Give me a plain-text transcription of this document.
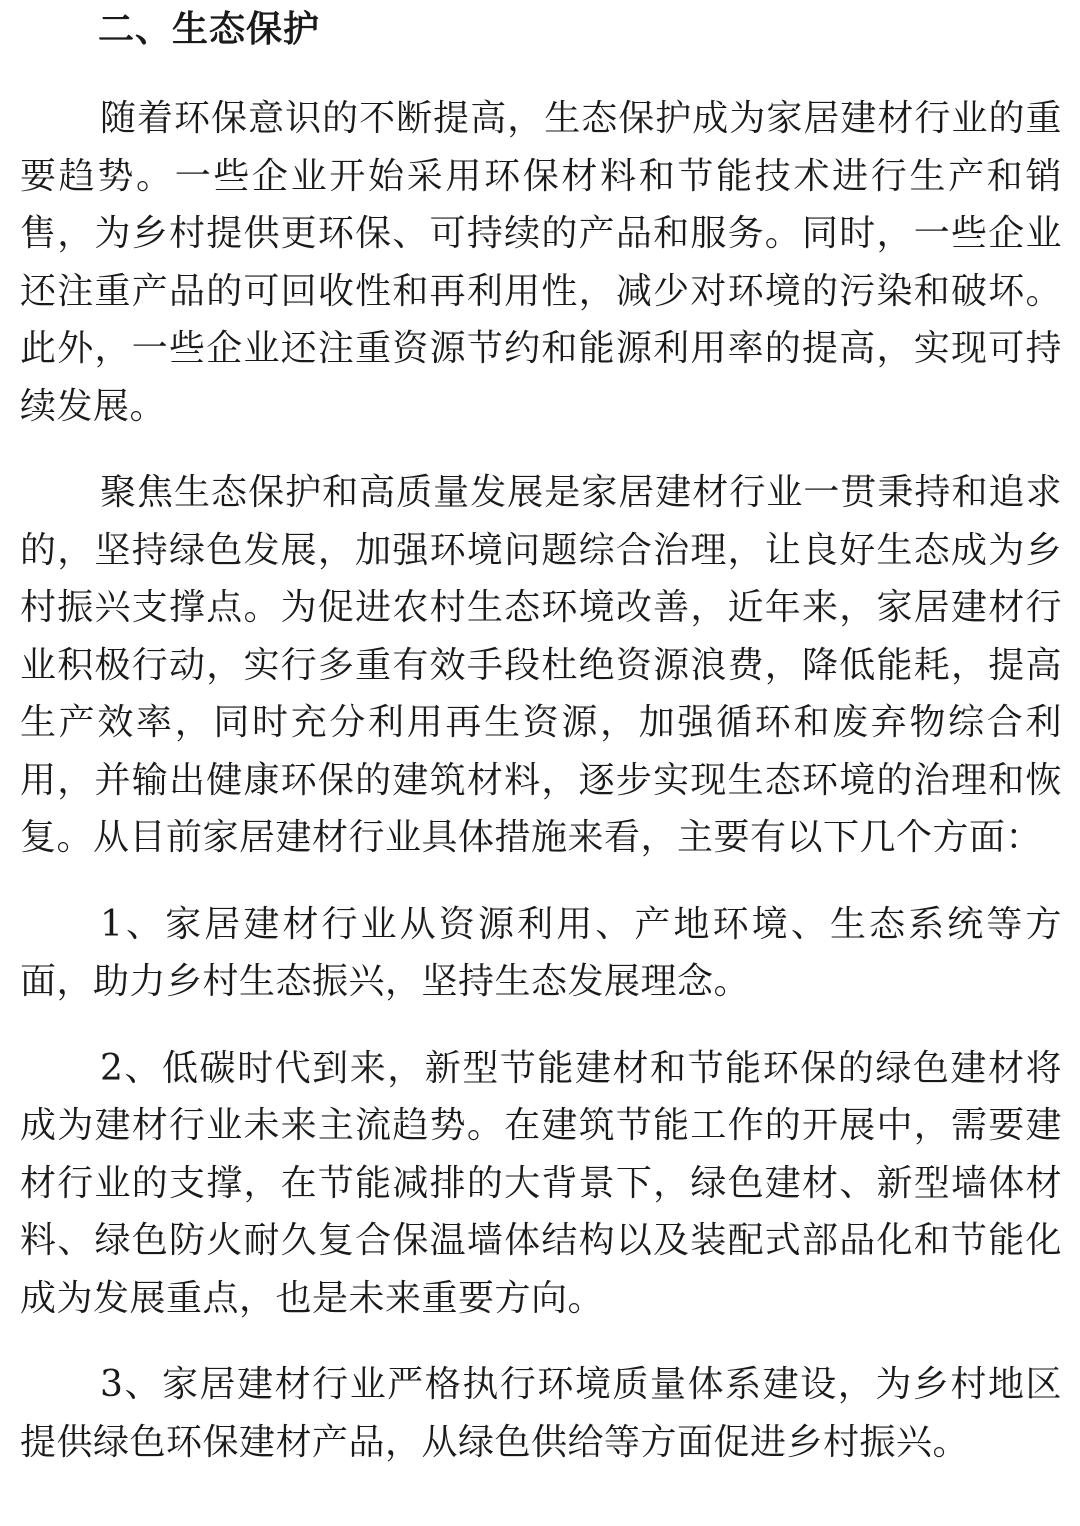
二、生态保护

随着环保意识的不断提高，生态保护成为家居建材行业的重要趋势。一些企业开始采用环保材料和节能技术进行生产和销售，为乡村提供更环保、可持续的产品和服务。同时，一些企业还注重产品的可回收性和再利用性，减少对环境的污染和破坏。此外，一些企业还注重资源节约和能源利用率的提高，实现可持续发展。

聚焦生态保护和高质量发展是家居建材行业一贯秉持和追求的，坚持绿色发展，加强环境问题综合治理，让良好生态成为乡村振兴支撑点。为促进农村生态环境改善，近年来，家居建材行业积极行动，实行多重有效手段杜绝资源浪费，降低能耗，提高生产效率，同时充分利用再生资源，加强循环和废弃物综合利用，并输出健康环保的建筑材料，逐步实现生态环境的治理和恢复。从目前家居建材行业具体措施来看，主要有以下几个方面：

1、家居建材行业从资源利用、产地环境、生态系统等方面，助力乡村生态振兴，坚持生态发展理念。

2、低碳时代到来，新型节能建材和节能环保的绿色建材将成为建材行业未来主流趋势。在建筑节能工作的开展中，需要建材行业的支撑，在节能减排的大背景下，绿色建材、新型墙体材料、绿色防火耐久复合保温墙体结构以及装配式部品化和节能化成为发展重点，也是未来重要方向。

3、家居建材行业严格执行环境质量体系建设，为乡村地区提供绿色环保建材产品，从绿色供给等方面促进乡村振兴。
